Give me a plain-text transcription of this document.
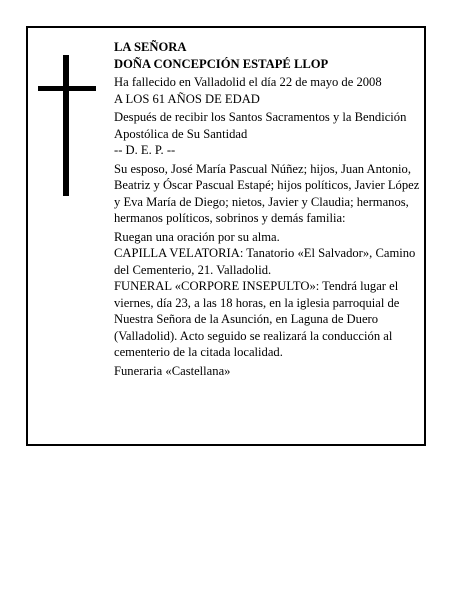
LA SEÑORA

DOÑA CONCEPCIÓN ESTAPÉ LLOP

Ha fallecido en Valladolid el día 22 de mayo de 2008

A LOS 61 AÑOS DE EDAD

Después de recibir los Santos Sacramentos y la Bendición Apostólica de Su Santidad

-- D. E. P. --

Su esposo, José María Pascual Núñez; hijos, Juan Antonio, Beatriz y Óscar Pascual Estapé; hijos políticos, Javier López y Eva María de Diego; nietos, Javier y Claudia; hermanos, hermanos políticos, sobrinos y demás familia:

Ruegan una oración por su alma.

CAPILLA VELATORIA: Tanatorio «El Salvador», Camino del Cementerio, 21. Valladolid.

FUNERAL «CORPORE INSEPULTO»: Tendrá lugar el viernes, día 23, a las 18 horas, en la iglesia parroquial de Nuestra Señora de la Asunción, en Laguna de Duero (Valladolid). Acto seguido se realizará la conducción al cementerio de la citada localidad.

Funeraria «Castellana»
